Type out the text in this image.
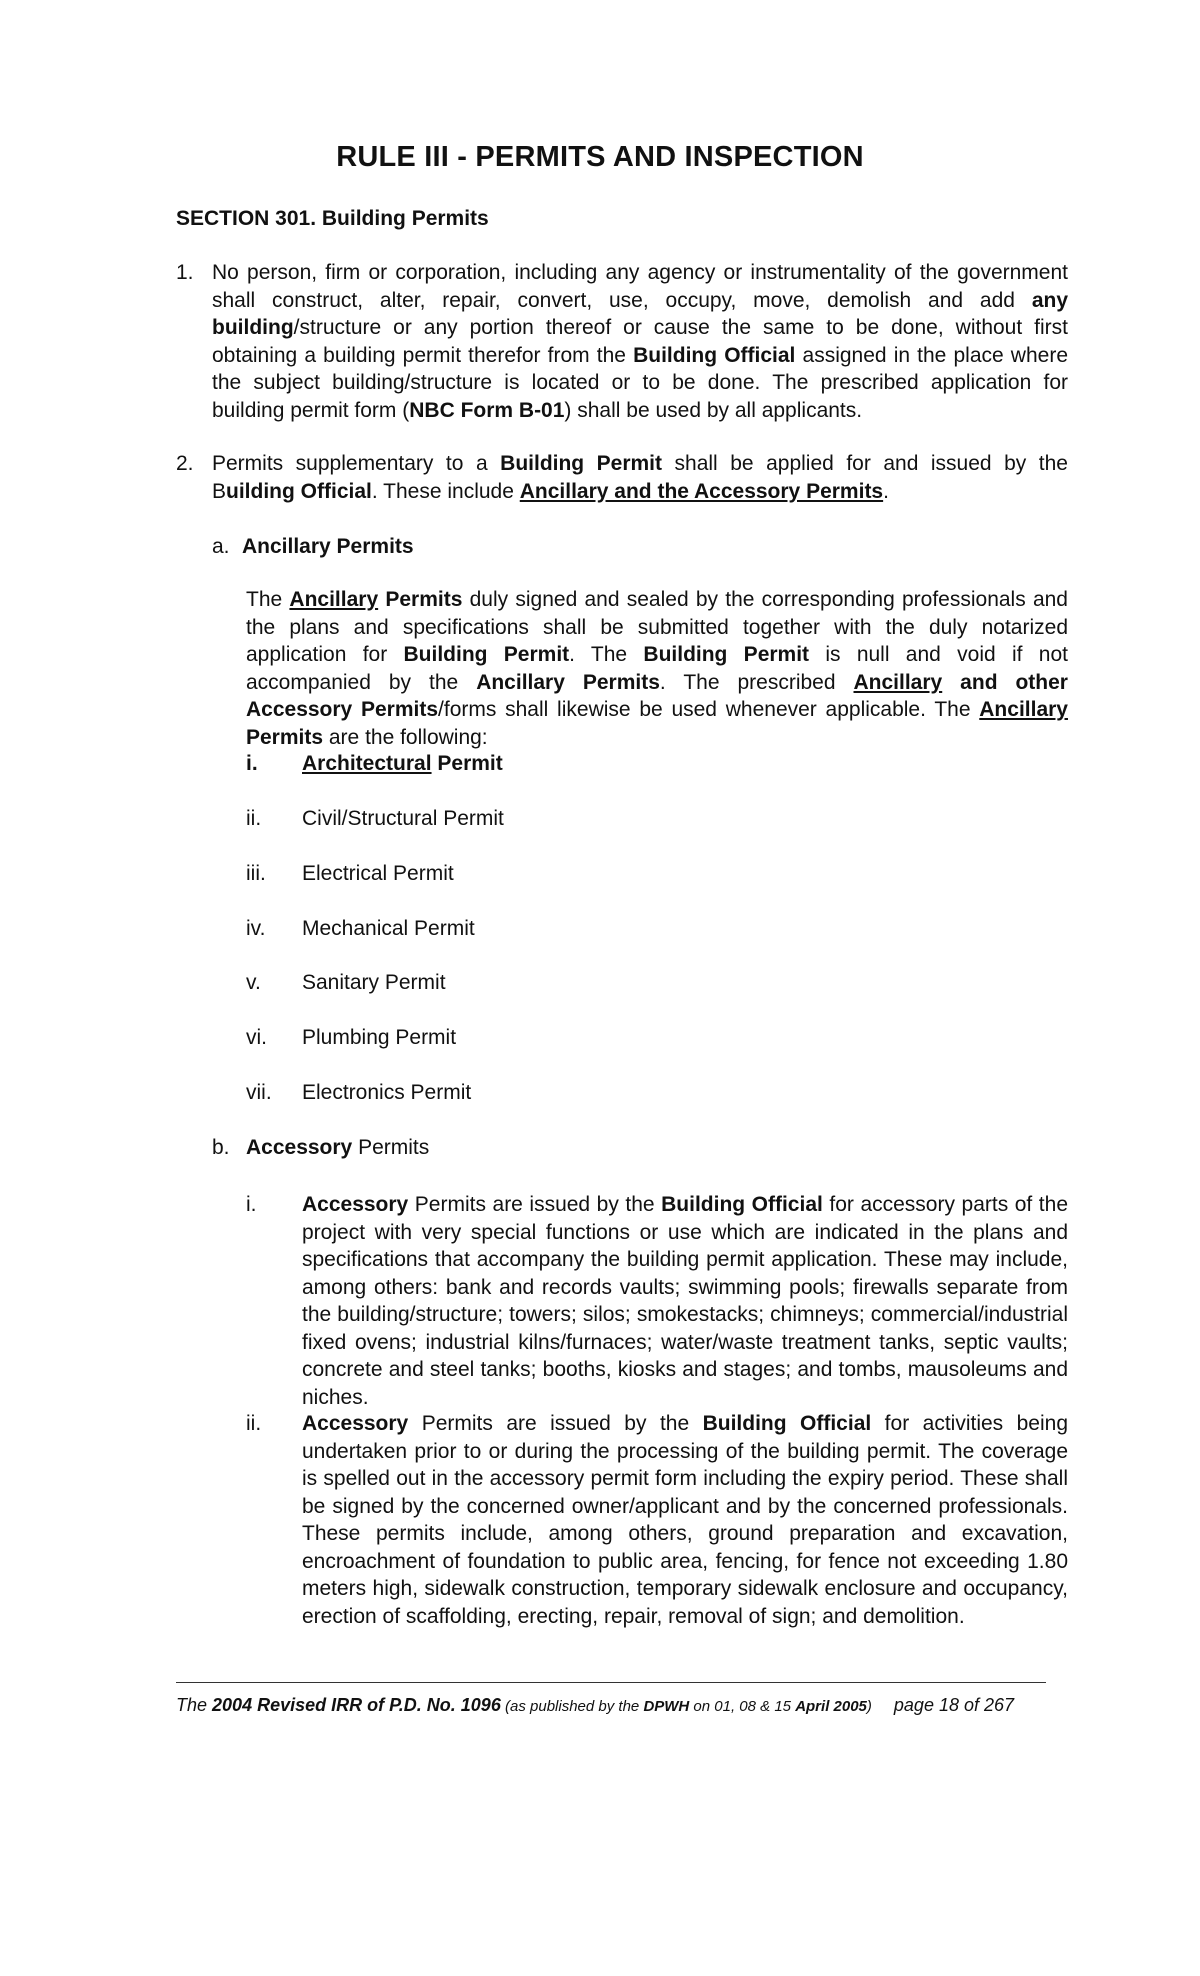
RULE III - PERMITS AND INSPECTION
SECTION 301. Building Permits
1. No person, firm or corporation, including any agency or instrumentality of the government shall construct, alter, repair, convert, use, occupy, move, demolish and add any building/structure or any portion thereof or cause the same to be done, without first obtaining a building permit therefor from the Building Official assigned in the place where the subject building/structure is located or to be done. The prescribed application for building permit form (NBC Form B-01) shall be used by all applicants.
2. Permits supplementary to a Building Permit shall be applied for and issued by the Building Official. These include Ancillary and the Accessory Permits.
a. Ancillary Permits
The Ancillary Permits duly signed and sealed by the corresponding professionals and the plans and specifications shall be submitted together with the duly notarized application for Building Permit. The Building Permit is null and void if not accompanied by the Ancillary Permits. The prescribed Ancillary and other Accessory Permits/forms shall likewise be used whenever applicable. The Ancillary Permits are the following:
i. Architectural Permit
ii. Civil/Structural Permit
iii. Electrical Permit
iv. Mechanical Permit
v. Sanitary Permit
vi. Plumbing Permit
vii. Electronics Permit
b. Accessory Permits
i. Accessory Permits are issued by the Building Official for accessory parts of the project with very special functions or use which are indicated in the plans and specifications that accompany the building permit application. These may include, among others: bank and records vaults; swimming pools; firewalls separate from the building/structure; towers; silos; smokestacks; chimneys; commercial/industrial fixed ovens; industrial kilns/furnaces; water/waste treatment tanks, septic vaults; concrete and steel tanks; booths, kiosks and stages; and tombs, mausoleums and niches.
ii. Accessory Permits are issued by the Building Official for activities being undertaken prior to or during the processing of the building permit. The coverage is spelled out in the accessory permit form including the expiry period. These shall be signed by the concerned owner/applicant and by the concerned professionals. These permits include, among others, ground preparation and excavation, encroachment of foundation to public area, fencing, for fence not exceeding 1.80 meters high, sidewalk construction, temporary sidewalk enclosure and occupancy, erection of scaffolding, erecting, repair, removal of sign; and demolition.
The 2004 Revised IRR of P.D. No. 1096 (as published by the DPWH on 01, 08 & 15 April 2005) page 18 of 267
